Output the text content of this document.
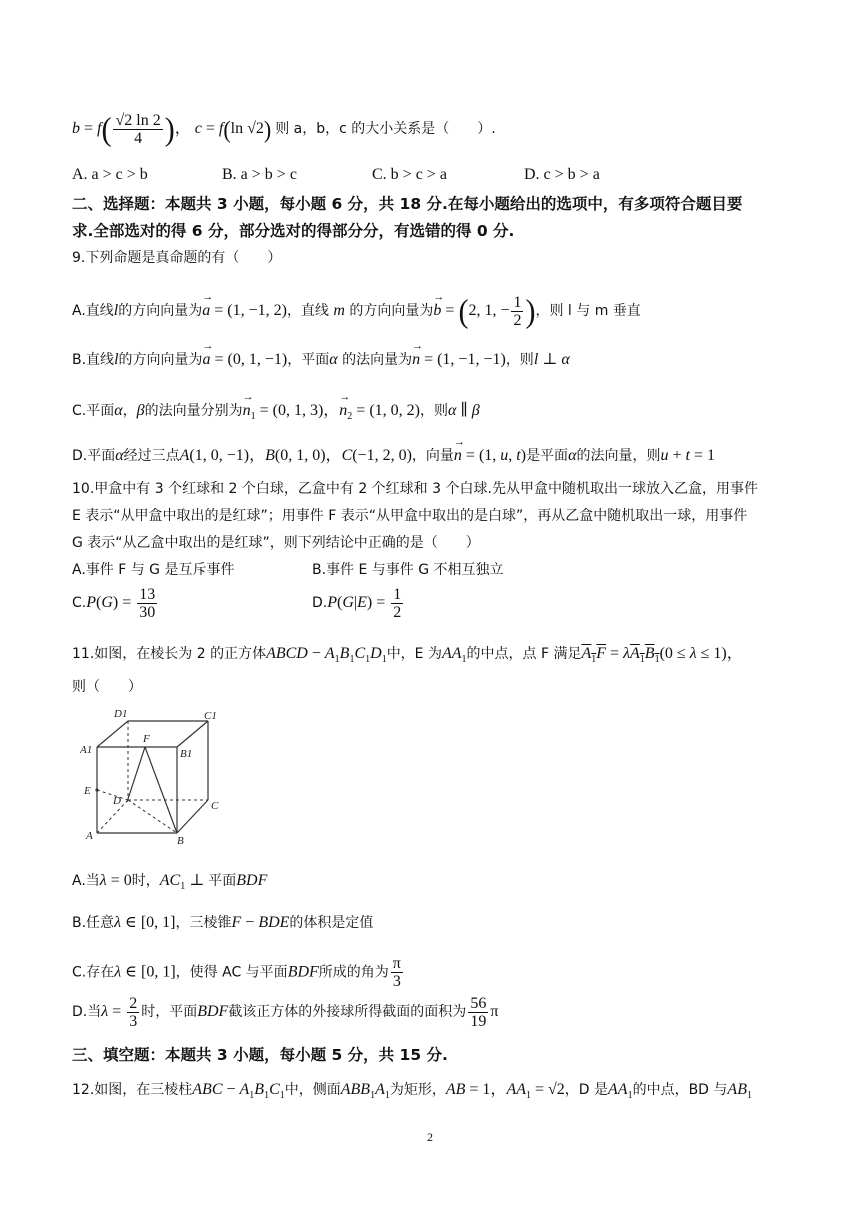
$b = f( \frac{√2 \ln 2}{4}$ )， c = f(ln √2) 则 a，b，c 的大小关系是（　　）.
A. a > c > b	B. a > b > c	C. b > c > a	D. c > b > a
二、选择题：本题共 3 小题，每小题 6 分，共 18 分.在每小题给出的选项中，有多项符合题目要
求.全部选对的得 6 分，部分选对的得部分分，有选错的得 0 分.
9.下列命题是真命题的有（　　）
A.直线l的方向向量为→ a = (1, −1, 2)，直线 m 的方向向量为→ b = (2, 1, − $\frac{1}{2}$ )，则 l 与 m 垂直
B.直线l的方向向量为→ a = (0, 1, −1)，平面α 的法向量为→ n = (1, −1, −1)，则l ⊥ α
C.平面α，β的法向量分别为→ $n_1 = (0$, 1, 3)，→ $n_2 = (1$, 0, 2)，则α ∥ β
D.平面α经过三点A(1, 0, −1)，B(0, 1, 0)，C(−1, 2, 0)，向量→ n = (1, u, t)是平面α的法向量，则u + t = 1
10.甲盒中有 3 个红球和 2 个白球，乙盒中有 2 个红球和 3 个白球.先从甲盒中随机取出一球放入乙盒，用事件
E 表示“从甲盒中取出的是红球”；用事件 F 表示“从甲盒中取出的是白球”，再从乙盒中随机取出一球，用事件
G 表示“从乙盒中取出的是红球”，则下列结论中正确的是（　　）
A.事件 F 与 G 是互斥事件	B.事件 E 与事件 G 不相互独立
$C.P(G) = \frac{13}{30}$	$D.P(G|E) = \frac{1}{2}$
11.如图，在棱长为 2 的正方体ABCD − $A_1B_1C_1D_1$中，E 为$AA_1$的中点，点 F 满足$A_1F = \lambda A_1B_1(0 \le \lambda \le 1)$，
则（　　）
D1	C1
A1	B1
F
E
D	C
A	B
A.当λ = 0时，$AC_1$ ⊥ 平面BDF
B.任意λ ∈ [0, 1]，三棱锥F − BDE的体积是定值
C.存在λ ∈ [0, 1]，使得 AC 与平面BDF所成的角为 $\frac{\pi}{3}$
D.当$\lambda = \frac{2}{3}$ 时，平面BDF截该正方体的外接球所得截面的面积为 $\frac{56}{19}$ π
三、填空题：本题共 3 小题，每小题 5 分，共 15 分.
12.如图，在三棱柱ABC − $A_1B_1C_1$中，侧面$ABB_1A_1$为矩形，AB = 1，$AA_1 = √2$，D 是$AA_1$的中点，BD 与$AB_1$
2
